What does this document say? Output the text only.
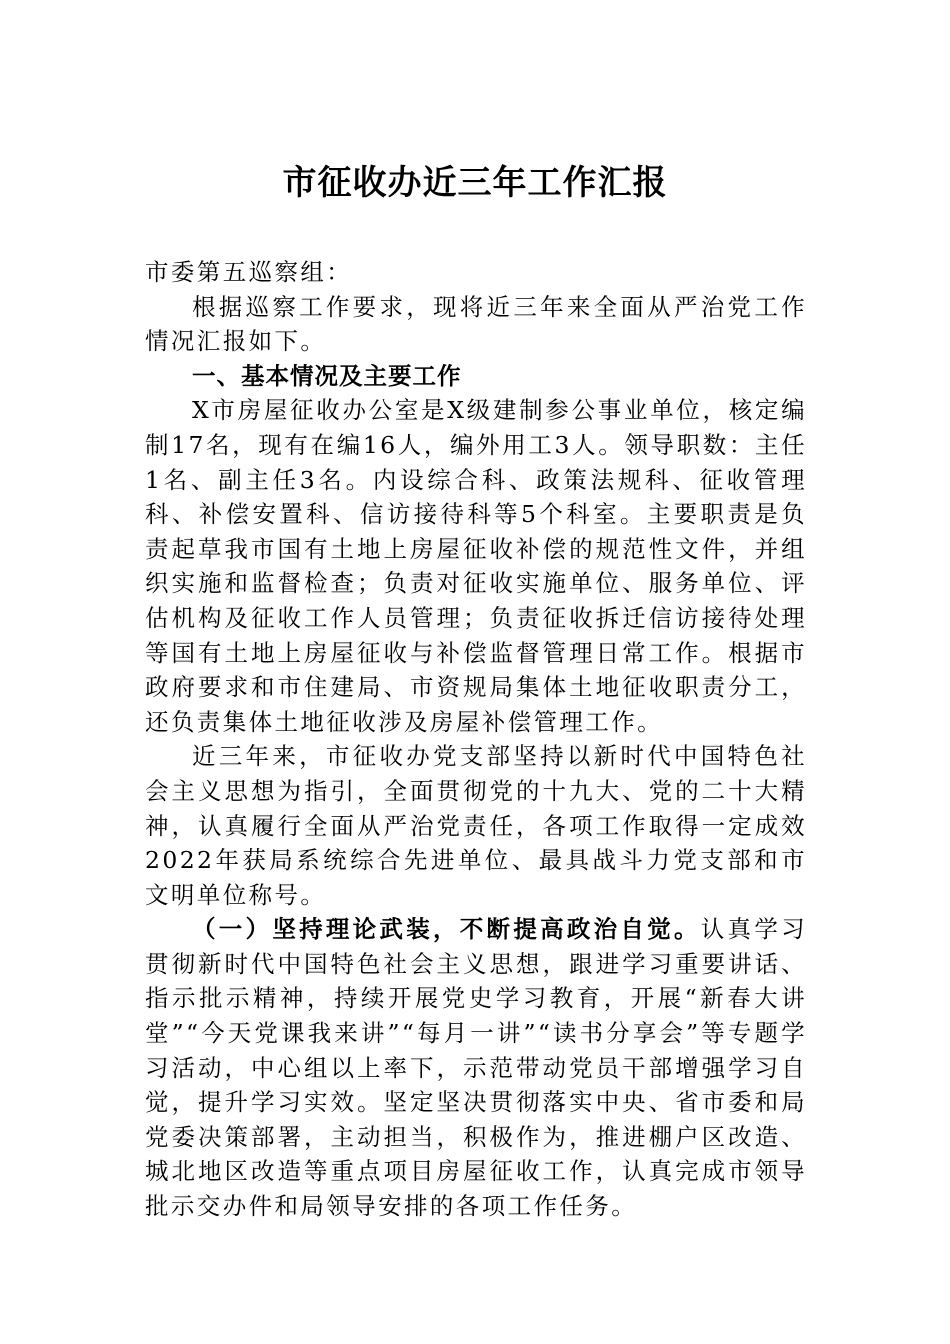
市征收办近三年工作汇报

市委第五巡察组：

根据巡察工作要求，现将近三年来全面从严治党工作情况汇报如下。

一、基本情况及主要工作

X市房屋征收办公室是X级建制参公事业单位，核定编制17名，现有在编16人，编外用工3人。领导职数：主任1名、副主任3名。内设综合科、政策法规科、征收管理科、补偿安置科、信访接待科等5个科室。主要职责是负责起草我市国有土地上房屋征收补偿的规范性文件，并组织实施和监督检查；负责对征收实施单位、服务单位、评估机构及征收工作人员管理；负责征收拆迁信访接待处理等国有土地上房屋征收与补偿监督管理日常工作。根据市政府要求和市住建局、市资规局集体土地征收职责分工，还负责集体土地征收涉及房屋补偿管理工作。

近三年来，市征收办党支部坚持以新时代中国特色社会主义思想为指引，全面贯彻党的十九大、党的二十大精神，认真履行全面从严治党责任，各项工作取得一定成效2022年获局系统综合先进单位、最具战斗力党支部和市文明单位称号。

（一）坚持理论武装，不断提高政治自觉。认真学习贯彻新时代中国特色社会主义思想，跟进学习重要讲话、指示批示精神，持续开展党史学习教育，开展“新春大讲堂”“今天党课我来讲”“每月一讲”“读书分享会”等专题学习活动，中心组以上率下，示范带动党员干部增强学习自觉，提升学习实效。坚定坚决贯彻落实中央、省市委和局党委决策部署，主动担当，积极作为，推进棚户区改造、城北地区改造等重点项目房屋征收工作，认真完成市领导批示交办件和局领导安排的各项工作任务。
